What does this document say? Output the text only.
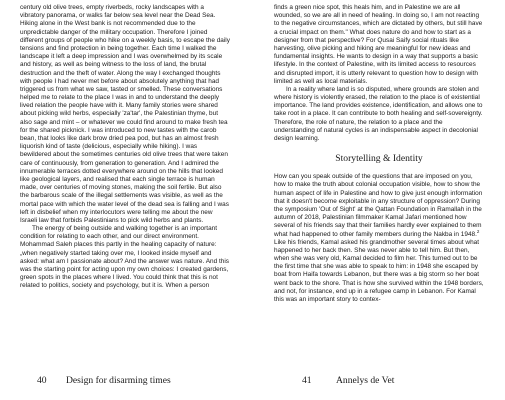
century old olive trees, empty riverbeds, rocky landscapes with a vibratory panorama, or walks far below sea level near the Dead Sea. Hiking alone in the West bank is not recommended due to the unpredictable danger of the military occupation. Therefore I joined different groups of people who hike on a weekly basis, to escape the daily tensions and find protection in being together. Each time I walked the landscape it left a deep impression and I was overwhelmed by its scale and history, as well as being witness to the loss of land, the brutal destruction and the theft of water. Along the way I exchanged thoughts with people I had never met before about absolutely anything that had triggered us from what we saw, tasted or smelled. These conversations helped me to relate to the place I was in and to understand the deeply lived relation the people have with it. Many family stories were shared about picking wild herbs, especially 'za'tar', the Palestinian thyme, but also sage and mint – or whatever we could find around to make fresh tea for the shared picknick. I was introduced to new tastes with the carob bean, that looks like dark brow dried pea pod, but has an almost fresh liquorish kind of taste (delicious, especially while hiking). I was bewildered about the sometimes centuries old olive trees that were taken care of continuously, from generation to generation. And I admired the innumerable terraces dotted everywhere around on the hills that looked like geological layers, and realised that each single terrace is human made, over centuries of moving stones, making the soil fertile. But also the barbarous scale of the illegal settlements was visible, as well as the mortal pace with which the water level of the dead sea is falling and I was left in disbelief when my interlocutors were telling me about the new Israeli law that forbids Palestinians to pick wild herbs and plants.

The energy of being outside and walking together is an important condition for relating to each other, and our direct environment. Mohammad Saleh places this partly in the healing capacity of nature: „when negatively started taking over me, I looked inside myself and asked: what am I passionate about? And the answer was nature. And this was the starting point for acting upon my own choices: I created gardens, green spots in the places where I lived. You could think that this is not related to politics, society and psychology, but it is. When a person

40 Design for disarming times

finds a green nice spot, this heals him, and in Palestine we are all wounded, so we are all in need of healing. In doing so, I am not reacting to the negative circumstances, which are dictated by others, but still have a crucial impact on them." What does nature do and how to start as a designer from that perspective? For Qusai Saify social rituals like harvesting, olive picking and hiking are meaningful for new ideas and fundamental insights. He wants to design in a way that supports a basic lifestyle. In the context of Palestine, with its limited access to resources and disrupted import, it is utterly relevant to question how to design with limited as well as local materials.

In a reality where land is so disputed, where grounds are stolen and where history is violently erased, the relation to the place is of existential importance. The land provides existence, identification, and allows one to take root in a place. It can contribute to both healing and self-sovereignty. Therefore, the role of nature, the relation to a place and the understanding of natural cycles is an indispensable aspect in decolonial design learning.

Storytelling & Identity

How can you speak outside of the questions that are imposed on you, how to make the truth about colonial occupation visible, how to show the human aspect of life in Palestine and how to give just enough information that it doesn't become exploitable in any structure of oppression? During the symposium 'Out of Sight' at the Qattan Foundation in Ramallah in the autumn of 2018, Palestinian filmmaker Kamal Jafari mentioned how several of his friends say that their families hardly ever explained to them what had happened to other family members during the Nakba in 1948.$^2$ Like his friends, Kamal asked his grandmother several times about what happened to her back then. She was never able to tell him. But then, when she was very old, Kamal decided to film her. This turned out to be the first time that she was able to speak to him: in 1948 she escaped by boat from Haifa towards Lebanon, but there was a big storm so her boat went back to the shore. That is how she survived within the 1948 borders, and not, for instance, end up in a refugee camp in Lebanon. For Kamal this was an important story to contex-

41	Annelys de Vet
